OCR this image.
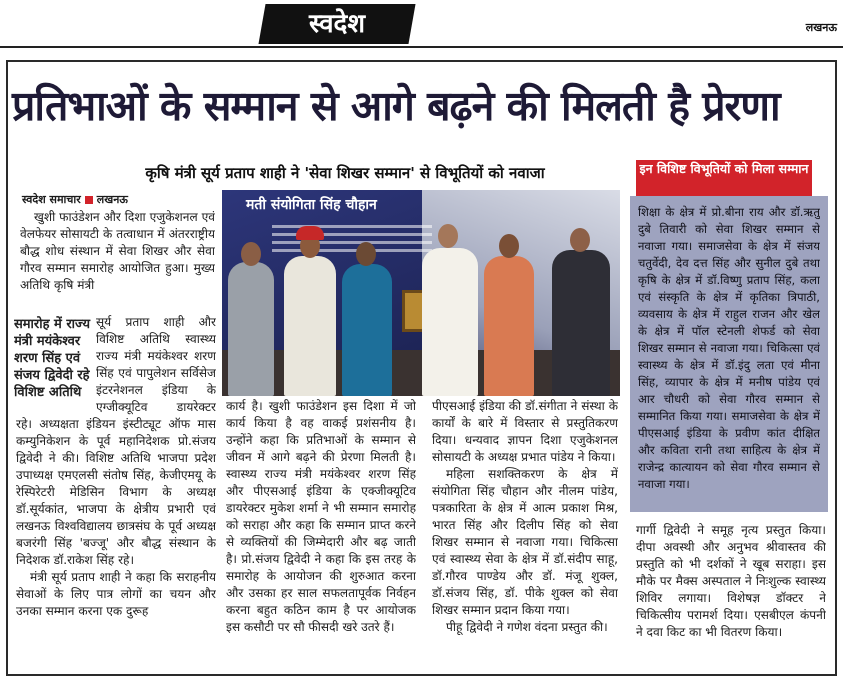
स्वदेश	लखनऊ
प्रतिभाओं के सम्मान से आगे बढ़ने की मिलती है प्रेरणा
कृषि मंत्री सूर्य प्रताप शाही ने 'सेवा शिखर सम्मान' से विभूतियों को नवाजा
स्वदेश समाचार लखनऊ
खुशी फाउंडेशन और दिशा एजुकेशनल एवं वेलफेयर सोसायटी के तत्वाधान में अंतरराष्ट्रीय बौद्ध शोध संस्थान में सेवा शिखर और सेवा गौरव सम्मान समारोह आयोजित हुआ। मुख्य अतिथि कृषि मंत्री
समारोह में राज्य मंत्री मयंकेश्वर शरण सिंह एवं संजय द्विवेदी रहे विशिष्ट अतिथि
सूर्य प्रताप शाही और विशिष्ट अतिथि स्वास्थ्य राज्य मंत्री मयंकेश्वर शरण सिंह एवं पापुलेशन सर्विसेज इंटरनेशनल इंडिया के एग्जीक्यूटिव डायरेक्टर
रहे। अध्यक्षता इंडियन इंस्टीट्यूट ऑफ मास कम्युनिकेशन के पूर्व महानिदेशक प्रो.संजय द्विवेदी ने की। विशिष्ट अतिथि भाजपा प्रदेश उपाध्यक्ष एमएलसी संतोष सिंह, केजीएमयू के रेस्पिरेटरी मेडिसिन विभाग के अध्यक्ष डॉ.सूर्यकांत, भाजपा के क्षेत्रीय प्रभारी एवं लखनऊ विश्वविद्यालय छात्रसंघ के पूर्व अध्यक्ष बजरंगी सिंह 'बज्जू' और बौद्ध संस्थान के निदेशक डॉ.राकेश सिंह रहे।
मंत्री सूर्य प्रताप शाही ने कहा कि सराहनीय सेवाओं के लिए पात्र लोगों का चयन और उनका सम्मान करना एक दुरूह
मती संयोगिता सिंह चौहान
कार्य है। खुशी फाउंडेशन इस दिशा में जो कार्य किया है वह वाकई प्रशंसनीय है। उन्होंने कहा कि प्रतिभाओं के सम्मान से जीवन में आगे बढ़ने की प्रेरणा मिलती है। स्वास्थ्य राज्य मंत्री मयंकेश्वर शरण सिंह और पीएसआई इंडिया के एक्जीक्यूटिव डायरेक्टर मुकेश शर्मा ने भी सम्मान समारोह को सराहा और कहा कि सम्मान प्राप्त करने से व्यक्तियों की जिम्मेदारी और बढ़ जाती है। प्रो.संजय द्विवेदी ने कहा कि इस तरह के समारोह के आयोजन की शुरुआत करना और उसका हर साल सफलतापूर्वक निर्वहन करना बहुत कठिन काम है पर आयोजक इस कसौटी पर सौ फीसदी खरे उतरे हैं।
पीएसआई इंडिया की डॉ.संगीता ने संस्था के कार्यों के बारे में विस्तार से प्रस्तुतिकरण दिया। धन्यवाद ज्ञापन दिशा एजुकेशनल सोसायटी के अध्यक्ष प्रभात पांडेय ने किया।
महिला सशक्तिकरण के क्षेत्र में संयोगिता सिंह चौहान और नीलम पांडेय, पत्रकारिता के क्षेत्र में आत्म प्रकाश मिश्र, भारत सिंह और दिलीप सिंह को सेवा शिखर सम्मान से नवाजा गया। चिकित्सा एवं स्वास्थ्य सेवा के क्षेत्र में डॉ.संदीप साहू, डॉ.गौरव पाण्डेय और डॉ. मंजू शुक्ल, डॉ.संजय सिंह, डॉ. पीके शुक्ल को सेवा शिखर सम्मान प्रदान किया गया।
पीहू द्विवेदी ने गणेश वंदना प्रस्तुत की।
इन विशिष्ट विभूतियों को मिला सम्मान

शिक्षा के क्षेत्र में प्रो.बीना राय और डॉ.ऋतु दुबे तिवारी को सेवा शिखर सम्मान से नवाजा गया। समाजसेवा के क्षेत्र में संजय चतुर्वेदी, देव दत्त सिंह और सुनील दुबे तथा कृषि के क्षेत्र में डॉ.विष्णु प्रताप सिंह, कला एवं संस्कृति के क्षेत्र में कृतिका त्रिपाठी, व्यवसाय के क्षेत्र में राहुल राजन और खेल के क्षेत्र में पॉल स्टेनली शेफर्ड को सेवा शिखर सम्मान से नवाजा गया। चिकित्सा एवं स्वास्थ्य के क्षेत्र में डॉ.इंदु लता एवं मीना सिंह, व्यापार के क्षेत्र में मनीष पांडेय एवं आर चौधरी को सेवा गौरव सम्मान से सम्मानित किया गया। समाजसेवा के क्षेत्र में पीएसआई इंडिया के प्रवीण कांत दीक्षित और कविता रानी तथा साहित्य के क्षेत्र में राजेन्द्र कात्यायन को सेवा गौरव सम्मान से नवाजा गया।

गार्गी द्विवेदी ने समूह नृत्य प्रस्तुत किया। दीपा अवस्थी और अनुभव श्रीवास्तव की प्रस्तुति को भी दर्शकों ने खूब सराहा। इस मौके पर मैक्स अस्पताल ने निःशुल्क स्वास्थ्य शिविर लगाया। विशेषज्ञ डॉक्टर ने चिकित्सीय परामर्श दिया। एसबीएल कंपनी ने दवा किट का भी वितरण किया।
